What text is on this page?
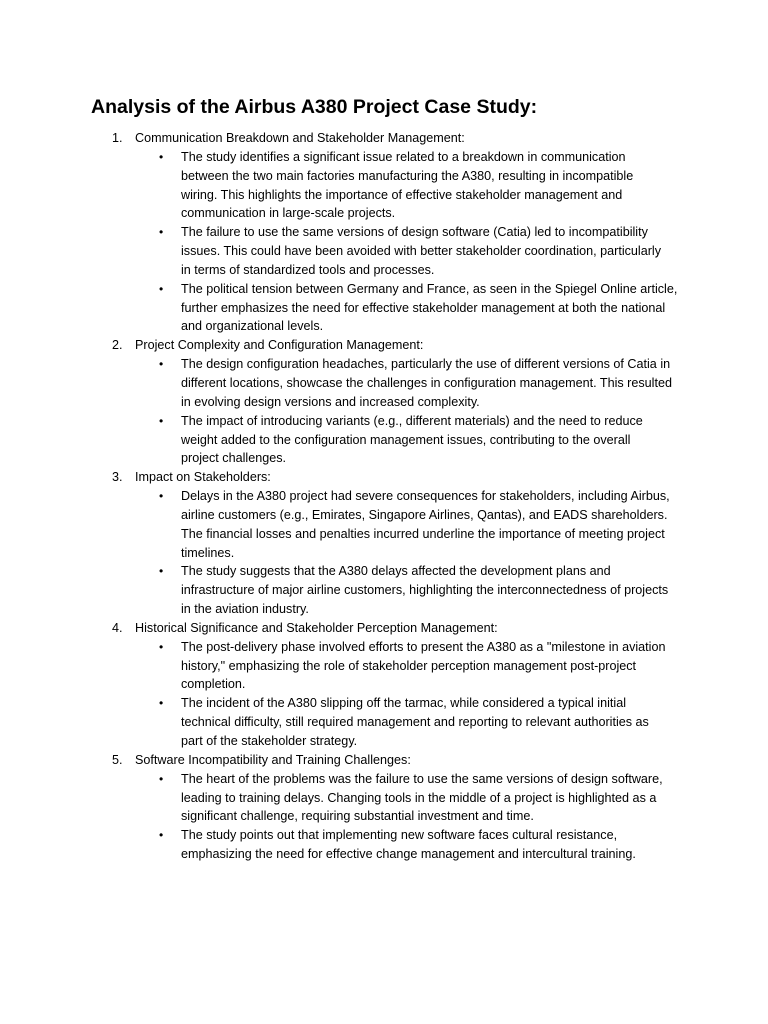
Analysis of the Airbus A380 Project Case Study:
1. Communication Breakdown and Stakeholder Management:
• The study identifies a significant issue related to a breakdown in communication
between the two main factories manufacturing the A380, resulting in incompatible
wiring. This highlights the importance of effective stakeholder management and
communication in large-scale projects.
• The failure to use the same versions of design software (Catia) led to incompatibility
issues. This could have been avoided with better stakeholder coordination, particularly
in terms of standardized tools and processes.
• The political tension between Germany and France, as seen in the Spiegel Online article,
further emphasizes the need for effective stakeholder management at both the national
and organizational levels.
2. Project Complexity and Configuration Management:
• The design configuration headaches, particularly the use of different versions of Catia in
different locations, showcase the challenges in configuration management. This resulted
in evolving design versions and increased complexity.
• The impact of introducing variants (e.g., different materials) and the need to reduce
weight added to the configuration management issues, contributing to the overall
project challenges.
3. Impact on Stakeholders:
• Delays in the A380 project had severe consequences for stakeholders, including Airbus,
airline customers (e.g., Emirates, Singapore Airlines, Qantas), and EADS shareholders.
The financial losses and penalties incurred underline the importance of meeting project
timelines.
• The study suggests that the A380 delays affected the development plans and
infrastructure of major airline customers, highlighting the interconnectedness of projects
in the aviation industry.
4. Historical Significance and Stakeholder Perception Management:
• The post-delivery phase involved efforts to present the A380 as a "milestone in aviation
history," emphasizing the role of stakeholder perception management post-project
completion.
• The incident of the A380 slipping off the tarmac, while considered a typical initial
technical difficulty, still required management and reporting to relevant authorities as
part of the stakeholder strategy.
5. Software Incompatibility and Training Challenges:
• The heart of the problems was the failure to use the same versions of design software,
leading to training delays. Changing tools in the middle of a project is highlighted as a
significant challenge, requiring substantial investment and time.
• The study points out that implementing new software faces cultural resistance,
emphasizing the need for effective change management and intercultural training.
